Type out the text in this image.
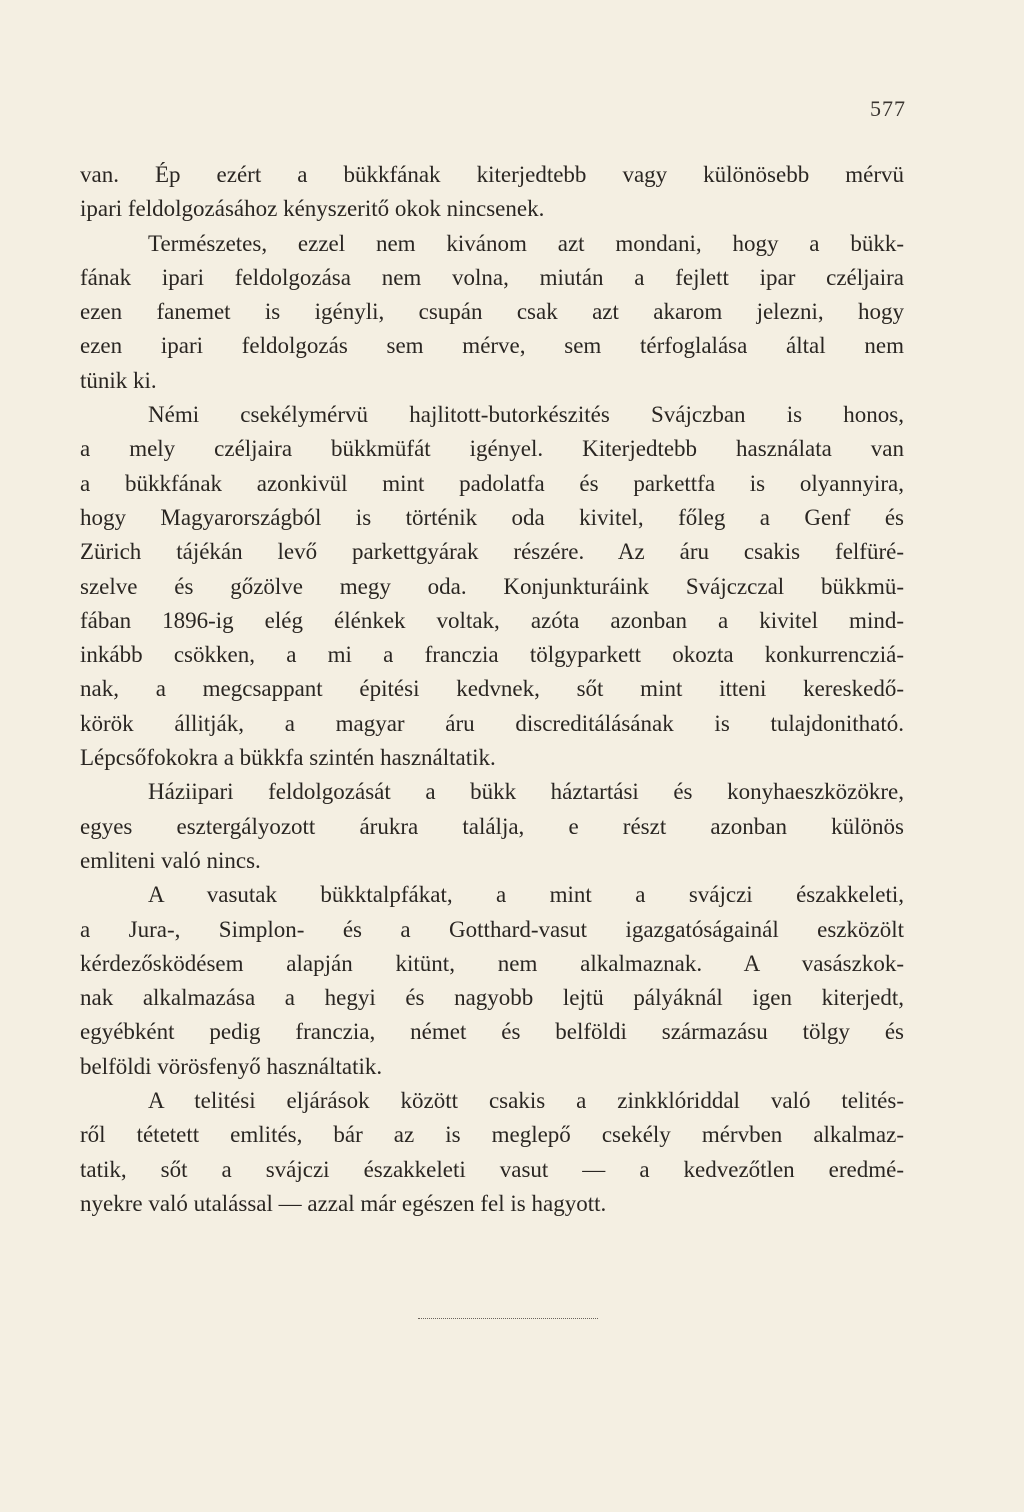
577
van. Ép ezért a bükkfának kiterjedtebb vagy különösebb mérvü
ipari feldolgozásához kényszeritő okok nincsenek.
Természetes, ezzel nem kivánom azt mondani, hogy a bükk-
fának ipari feldolgozása nem volna, miután a fejlett ipar czéljaira
ezen fanemet is igényli, csupán csak azt akarom jelezni, hogy
ezen ipari feldolgozás sem mérve, sem térfoglalása által nem
tünik ki.
Némi csekélymérvü hajlitott-butorkészités Svájczban is honos,
a mely czéljaira bükkmüfát igényel. Kiterjedtebb használata van
a bükkfának azonkivül mint padolatfa és parkettfa is olyannyira,
hogy Magyarországból is történik oda kivitel, főleg a Genf és
Zürich tájékán levő parkettgyárak részére. Az áru csakis felfüré-
szelve és gőzölve megy oda. Konjunkturáink Svájczczal bükkmü-
fában 1896-ig elég élénkek voltak, azóta azonban a kivitel mind-
inkább csökken, a mi a franczia tölgyparkett okozta konkurrencziá-
nak, a megcsappant épitési kedvnek, sőt mint itteni kereskedő-
körök állitják, a magyar áru discreditálásának is tulajdonitható.
Lépcsőfokokra a bükkfa szintén használtatik.
Háziipari feldolgozását a bükk háztartási és konyhaeszközökre,
egyes esztergályozott árukra találja, e részt azonban különös
emliteni való nincs.
A vasutak bükktalpfákat, a mint a svájczi északkeleti,
a Jura-, Simplon- és a Gotthard-vasut igazgatóságainál eszközölt
kérdezősködésem alapján kitünt, nem alkalmaznak. A vasászkok-
nak alkalmazása a hegyi és nagyobb lejtü pályáknál igen kiterjedt,
egyébként pedig franczia, német és belföldi származásu tölgy és
belföldi vörösfenyő használtatik.
A telitési eljárások között csakis a zinkklóriddal való telités-
ről tétetett emlités, bár az is meglepő csekély mérvben alkalmaz-
tatik, sőt a svájczi északkeleti vasut — a kedvezőtlen eredmé-
nyekre való utalással — azzal már egészen fel is hagyott.
